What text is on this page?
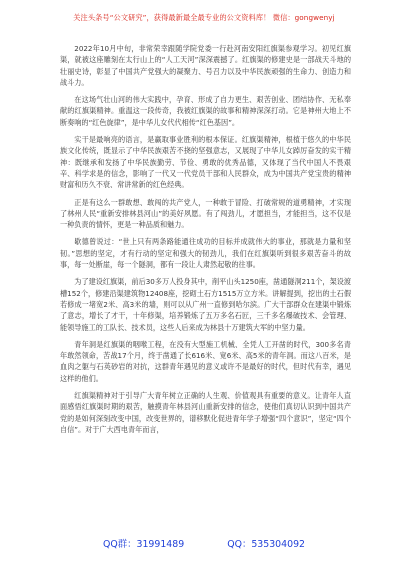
关注头条号“公文研究”，获得最新最全最专业的公文资料库！ 微信：gongwenyj

2022年10月中旬，非常荣幸跟随学院党委一行赴河南安阳红旗渠参观学习。初见红旗渠，就被这座雕刻在太行山上的“人工天河”深深震撼了。红旗渠的修建史是一部战天斗地的壮丽史诗，彰显了中国共产党强大的凝聚力、号召力以及中华民族顽强的生命力、创造力和战斗力。

在这场气壮山河的伟大实践中，孕育、形成了自力更生、艰苦创业、团结协作、无私奉献的红旗渠精神。重温这一段传奇，我被红旗渠的故事和精神深深打动。它是神州大地上不断奏响的“红色旋律”，是中华儿女代代相传“红色基因”。

实干是最响亮的语言，是赢取事业胜利的根本保证。红旗渠精神，根植于悠久的中华民族文化传统，既显示了中华民族艰苦不挠的坚强意志，又展现了中华儿女踔厉奋发的实干精神：既继承和发扬了中华民族勤劳、节俭、勇敢的优秀品德，又体现了当代中国人不畏艰辛、科学求是的信念，影响了一代又一代党员干部和人民群众，成为中国共产党宝贵的精神财富和历久不衰、常讲常新的红色经典。

正是有这么一群敢想、敢闯的共产党人，一种敢于冒险、打破常规的道勇精神，才实现了林州人民“重新安排林县河山”的美好夙愿。有了闯劲儿，才愿担当，才能担当，这不仅是一种负责的情怀，更是一种品质和魅力。

歇德曾说过：“世上只有两条路能通往成功的目标并成就伟大的事业，那就是力量和坚韧。”思想的坚定，才有行动的坚定和强大的韧劲儿，我们在红旗渠听到很多艰苦奋斗的故事，每一处断崖，每一个隧洞，都有一段让人肃然起敬的往事。

为了建设红旗渠，前后30多万人投身其中，削平山头1250座，凿通隧洞211个，架设渡槽152个，修建沿渠建筑物12408座，挖砌土石方1515万立方米。讲解提到，挖出的土石假若修成一堵宽2米、高3米的墙，则可以从广州一直修到哈尔滨。广大干部群众在建渠中锻炼了意志，增长了才干，十年修渠，培养锻炼了五万多名石匠，三千多名爆破技术、会管理、能领导施工的工队长、技术员，这些人后来成为林县十万建筑大军的中坚力量。

青年洞是红旗渠的咽喉工程，在没有大型施工机械、全凭人工开凿的时代，300多名青年敢然领命，苦战17个月，终于凿通了长616米、宽6米、高5米的青年洞。而这八百米，是血肉之躯与石英砂岩的对抗，这群青年遇见的意义或许不是最好的时代，但时代有幸，遇见这样的他们。

红旗渠精神对于引导广大青年树立正确的人生观、价值观具有重要的意义。让青年人直面感悟红旗渠时期的艰苦，触摸青年林县河山重新安排的信念，使他们真切认识到中国共产党的是如何深刻改变中国，改变世界的，谱移默化促进青年学子增强“四个意识”，坚定“四个自信”。对于广大西电青年而言，

QQ群：31991489	QQ：535304092
